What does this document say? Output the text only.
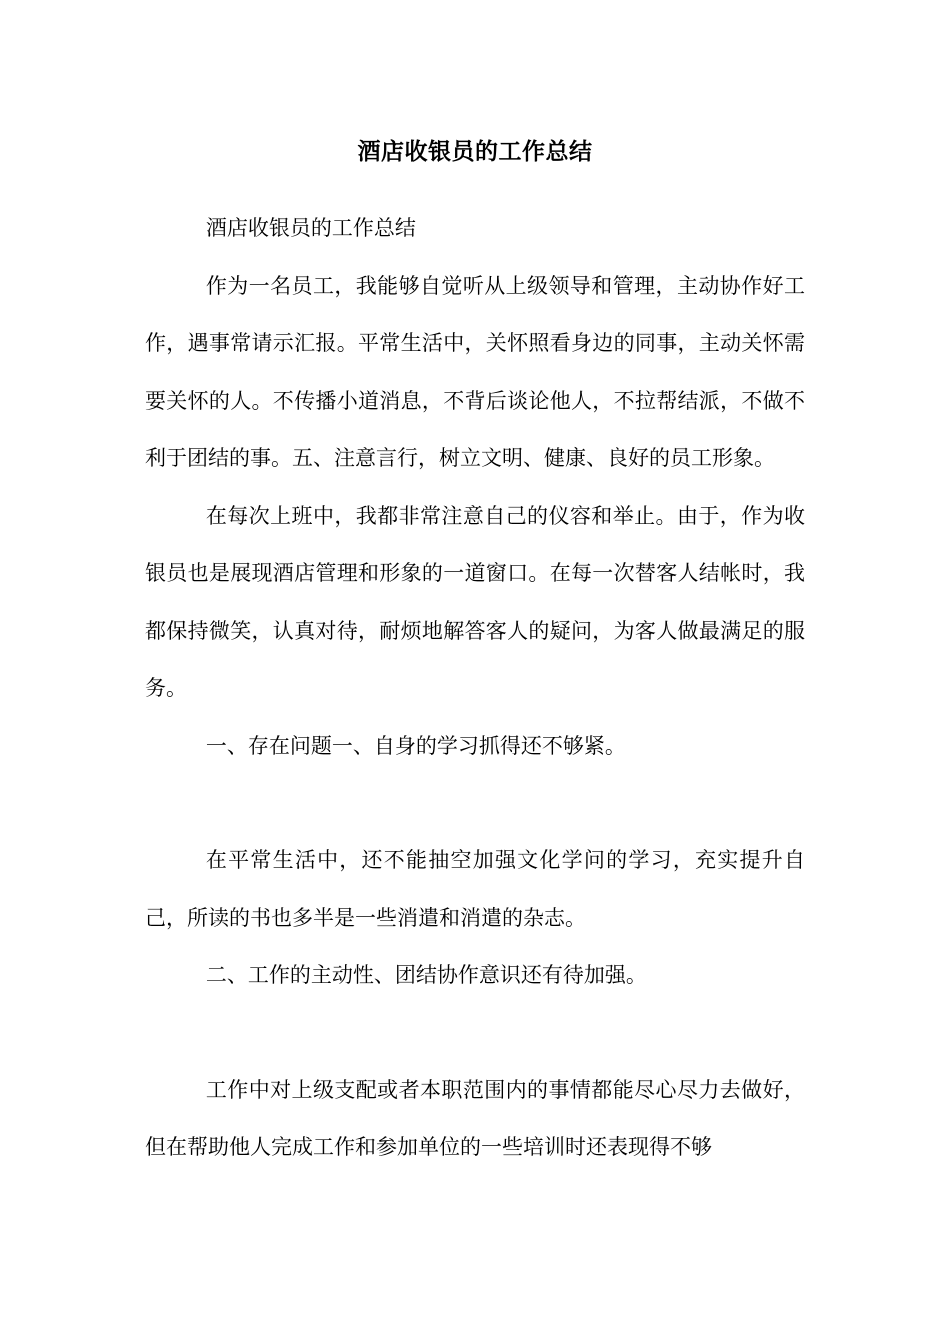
酒店收银员的工作总结

酒店收银员的工作总结

作为一名员工，我能够自觉听从上级领导和管理，主动协作好工作，遇事常请示汇报。平常生活中，关怀照看身边的同事，主动关怀需要关怀的人。不传播小道消息，不背后谈论他人，不拉帮结派，不做不利于团结的事。五、注意言行，树立文明、健康、良好的员工形象。

在每次上班中，我都非常注意自己的仪容和举止。由于，作为收银员也是展现酒店管理和形象的一道窗口。在每一次替客人结帐时，我都保持微笑，认真对待，耐烦地解答客人的疑问，为客人做最满足的服务。

一、存在问题一、自身的学习抓得还不够紧。

在平常生活中，还不能抽空加强文化学问的学习，充实提升自己，所读的书也多半是一些消遣和消遣的杂志。

二、工作的主动性、团结协作意识还有待加强。

工作中对上级支配或者本职范围内的事情都能尽心尽力去做好，但在帮助他人完成工作和参加单位的一些培训时还表现得不够
